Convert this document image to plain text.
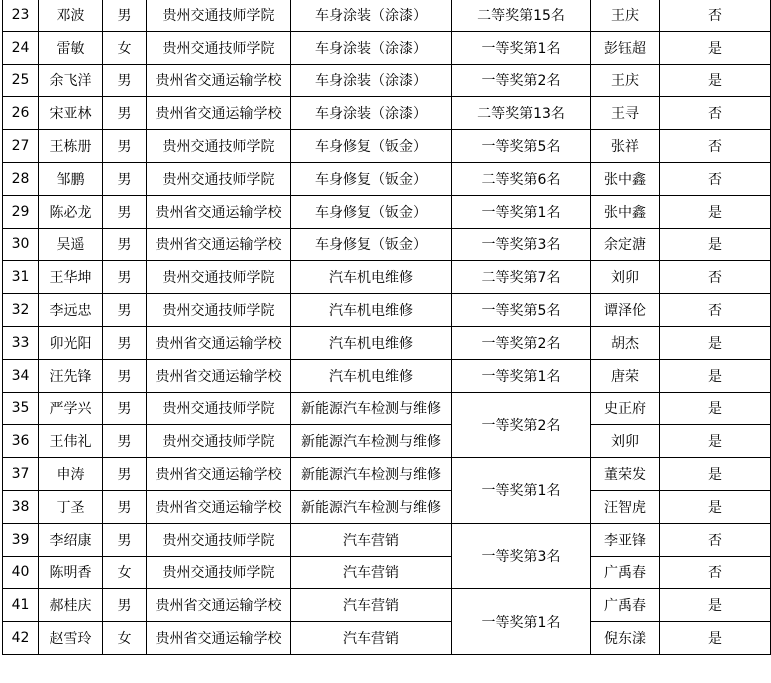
23	邓波	男	贵州交通技师学院	车身涂装（涂漆）	二等奖第15名	王庆	否
24	雷敏	女	贵州交通技师学院	车身涂装（涂漆）	一等奖第1名	彭钰超	是
25	余飞洋	男	贵州省交通运输学校	车身涂装（涂漆）	一等奖第2名	王庆	是
26	宋亚林	男	贵州省交通运输学校	车身涂装（涂漆）	二等奖第13名	王寻	否
27	王栋册	男	贵州交通技师学院	车身修复（钣金）	一等奖第5名	张祥	否
28	邹鹏	男	贵州交通技师学院	车身修复（钣金）	二等奖第6名	张中鑫	否
29	陈必龙	男	贵州省交通运输学校	车身修复（钣金）	一等奖第1名	张中鑫	是
30	吴遥	男	贵州省交通运输学校	车身修复（钣金）	一等奖第3名	余定溏	是
31	王华坤	男	贵州交通技师学院	汽车机电维修	二等奖第7名	刘卯	否
32	李远忠	男	贵州交通技师学院	汽车机电维修	一等奖第5名	谭泽伦	否
33	卯光阳	男	贵州省交通运输学校	汽车机电维修	一等奖第2名	胡杰	是
34	汪先锋	男	贵州省交通运输学校	汽车机电维修	一等奖第1名	唐荣	是
35	严学兴	男	贵州交通技师学院	新能源汽车检测与维修	一等奖第2名	史正府	是
36	王伟礼	男	贵州交通技师学院	新能源汽车检测与维修		刘卯	是
37	申涛	男	贵州省交通运输学校	新能源汽车检测与维修	一等奖第1名	董荣发	是
38	丁圣	男	贵州省交通运输学校	新能源汽车检测与维修		汪智虎	是
39	李绍康	男	贵州交通技师学院	汽车营销	一等奖第3名	李亚锋	否
40	陈明香	女	贵州交通技师学院	汽车营销		广禹春	否
41	郝桂庆	男	贵州省交通运输学校	汽车营销	一等奖第1名	广禹春	是
42	赵雪玲	女	贵州省交通运输学校	汽车营销		倪东漾	是
